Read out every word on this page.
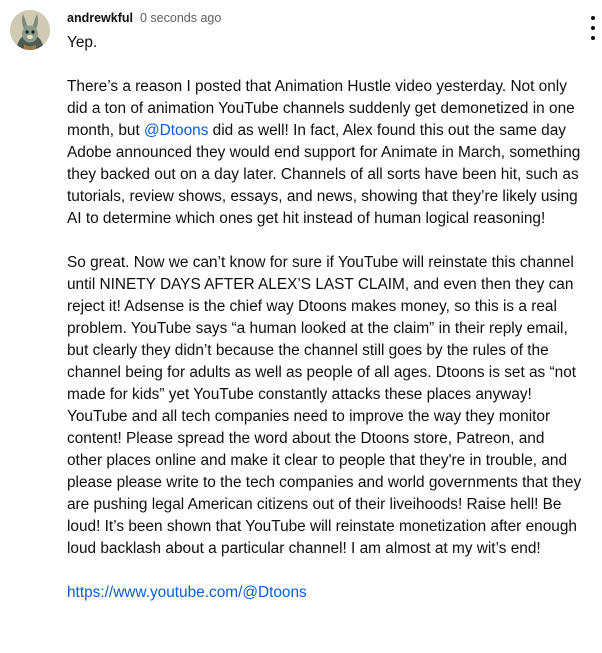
andrewkful 0 seconds ago

Yep.

There’s a reason I posted that Animation Hustle video yesterday. Not only did a ton of animation YouTube channels suddenly get demonetized in one month, but @Dtoons did as well! In fact, Alex found this out the same day Adobe announced they would end support for Animate in March, something they backed out on a day later. Channels of all sorts have been hit, such as tutorials, review shows, essays, and news, showing that they’re likely using AI to determine which ones get hit instead of human logical reasoning!

So great. Now we can’t know for sure if YouTube will reinstate this channel until NINETY DAYS AFTER ALEX’S LAST CLAIM, and even then they can reject it! Adsense is the chief way Dtoons makes money, so this is a real problem. YouTube says “a human looked at the claim” in their reply email, but clearly they didn’t because the channel still goes by the rules of the channel being for adults as well as people of all ages. Dtoons is set as “not made for kids” yet YouTube constantly attacks these places anyway! YouTube and all tech companies need to improve the way they monitor content! Please spread the word about the Dtoons store, Patreon, and other places online and make it clear to people that they're in trouble, and please please write to the tech companies and world governments that they are pushing legal American citizens out of their liveihoods! Raise hell! Be loud! It’s been shown that YouTube will reinstate monetization after enough loud backlash about a particular channel! I am almost at my wit’s end!

https://www.youtube.com/@Dtoons
